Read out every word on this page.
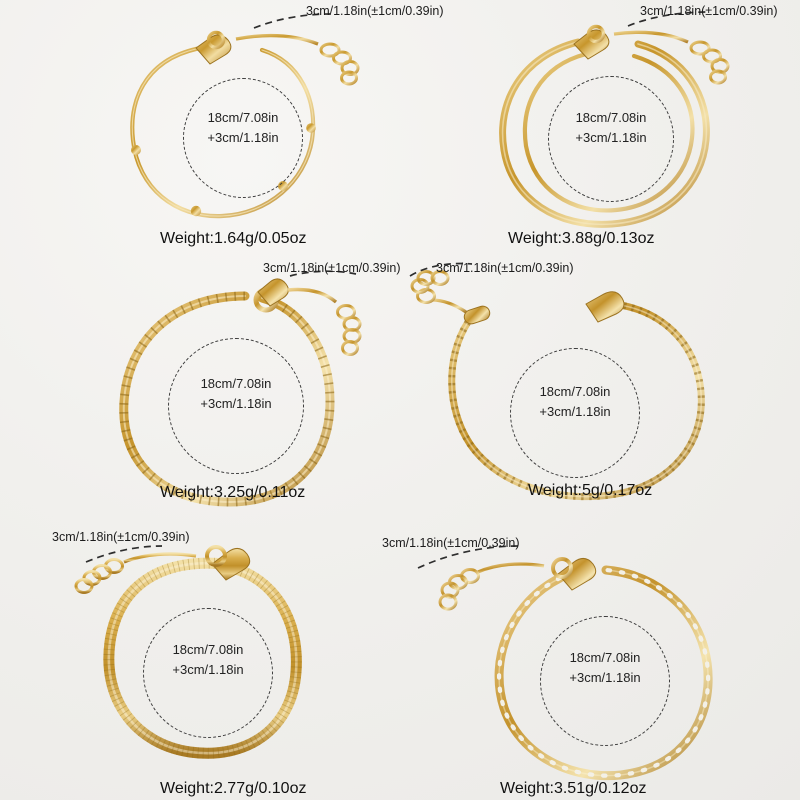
18cm/7.08in
+3cm/1.18in
3cm/1.18in(±1cm/0.39in)
Weight:1.64g/0.05oz
18cm/7.08in
+3cm/1.18in
3cm/1.18in(±1cm/0.39in)
Weight:3.88g/0.13oz
18cm/7.08in
+3cm/1.18in
3cm/1.18in(±1cm/0.39in)
Weight:3.25g/0.11oz
18cm/7.08in
+3cm/1.18in
3cm/1.18in(±1cm/0.39in)
Weight:5g/0.17oz
18cm/7.08in
+3cm/1.18in
3cm/1.18in(±1cm/0.39in)
Weight:2.77g/0.10oz
18cm/7.08in
+3cm/1.18in
3cm/1.18in(±1cm/0.39in)
Weight:3.51g/0.12oz
